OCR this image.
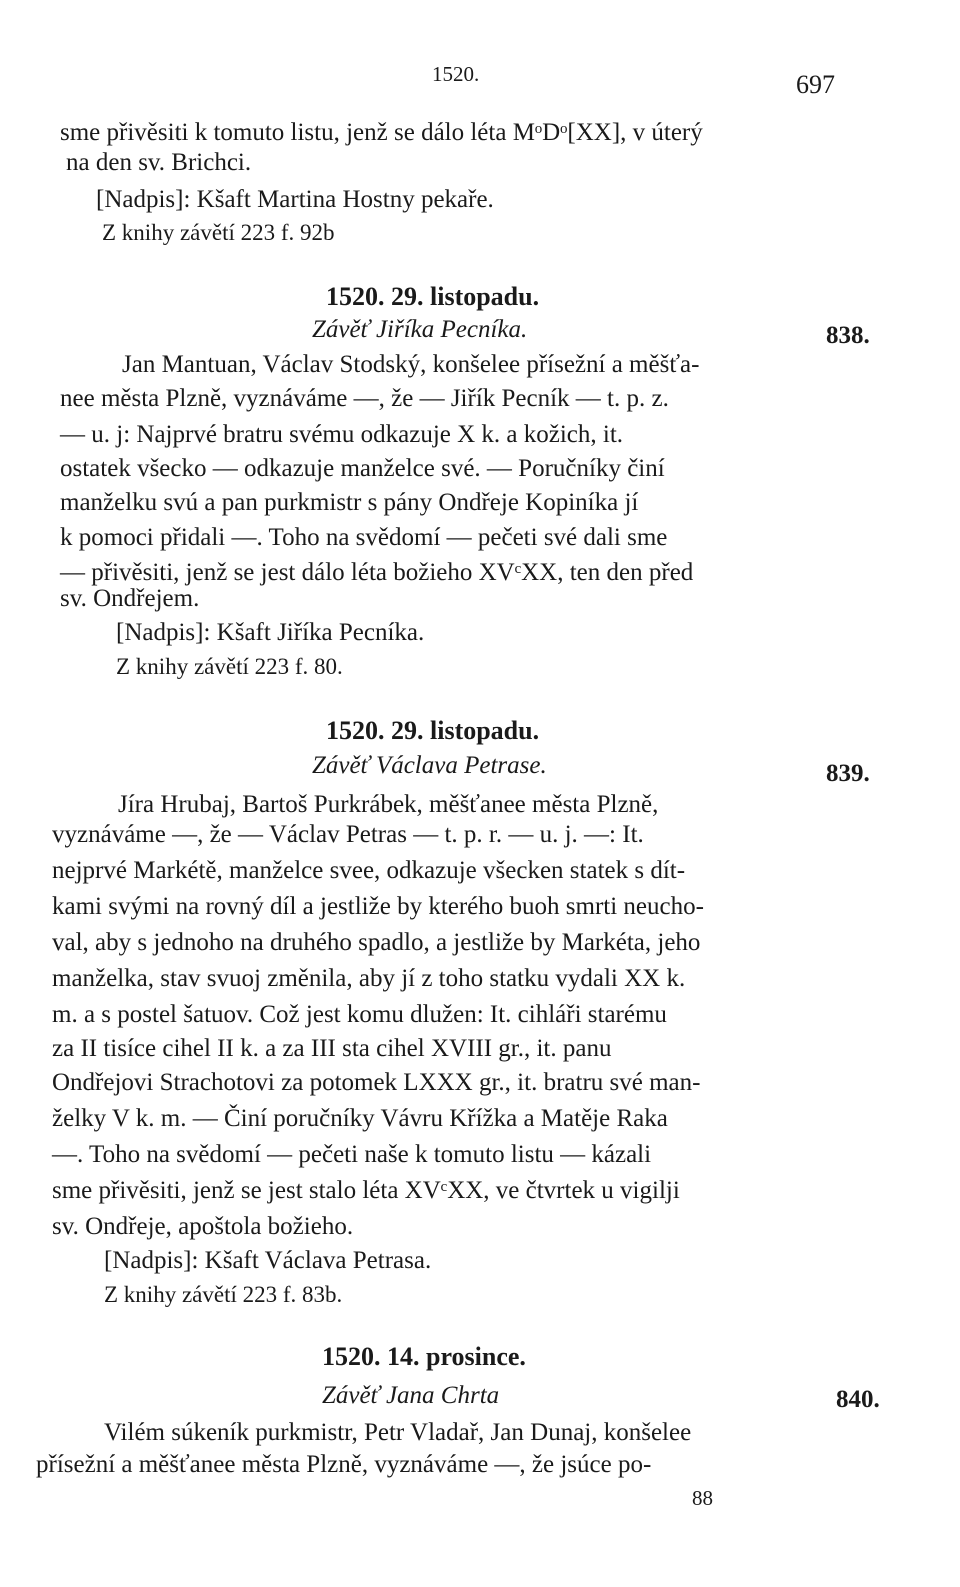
1520.	697
sme přivěsiti k tomuto listu, jenž se dálo léta MᵒDᵒ[XX], v úterý
na den sv. Brichci.
[Nadpis]: Kšaft Martina Hostny pekaře.
Z knihy závětí 223 f. 92b
1520. 29. listopadu.
Závěť Jiříka Pecníka.	838.
Jan Mantuan, Václav Stodský, konšelee přísežní a měšťa-
nee města Plzně, vyznáváme —, že — Jiřík Pecník — t. p. z.
— u. j: Najprvé bratru svému odkazuje X k. a kožich, it.
ostatek všecko — odkazuje manželce své. — Poručníky činí
manželku svú a pan purkmistr s pány Ondřeje Kopiníka jí
k pomoci přidali —. Toho na svědomí — pečeti své dali sme
— přivěsiti, jenž se jest dálo léta božieho XVᶜXX, ten den před
sv. Ondřejem.
[Nadpis]: Kšaft Jiříka Pecníka.
Z knihy závětí 223 f. 80.
1520. 29. listopadu.
Závěť Václava Petrase.	839.
Jíra Hrubaj, Bartoš Purkrábek, měšťanee města Plzně,
vyznáváme —, že — Václav Petras — t. p. r. — u. j. —: It.
nejprvé Markétě, manželce svee, odkazuje všecken statek s dít-
kami svými na rovný díl a jestliže by kterého buoh smrti neucho-
val, aby s jednoho na druhého spadlo, a jestliže by Markéta, jeho
manželka, stav svuoj změnila, aby jí z toho statku vydali XX k.
m. a s postel šatuov. Což jest komu dlužen: It. cihláři starému
za II tisíce cihel II k. a za III sta cihel XVIII gr., it. panu
Ondřejovi Strachotovi za potomek LXXX gr., it. bratru své man-
želky V k. m. — Činí poručníky Vávru Křížka a Matěje Raka
—. Toho na svědomí — pečeti naše k tomuto listu — kázali
sme přivěsiti, jenž se jest stalo léta XVᶜXX, ve čtvrtek u vigilji
sv. Ondřeje, apoštola božieho.
[Nadpis]: Kšaft Václava Petrasa.
Z knihy závětí 223 f. 83b.
1520. 14. prosince.
Závěť Jana Chrta	840.
Vilém súkeník purkmistr, Petr Vladař, Jan Dunaj, konšelee
přísežní a měšťanee města Plzně, vyznáváme —, že jsúce po-
88
